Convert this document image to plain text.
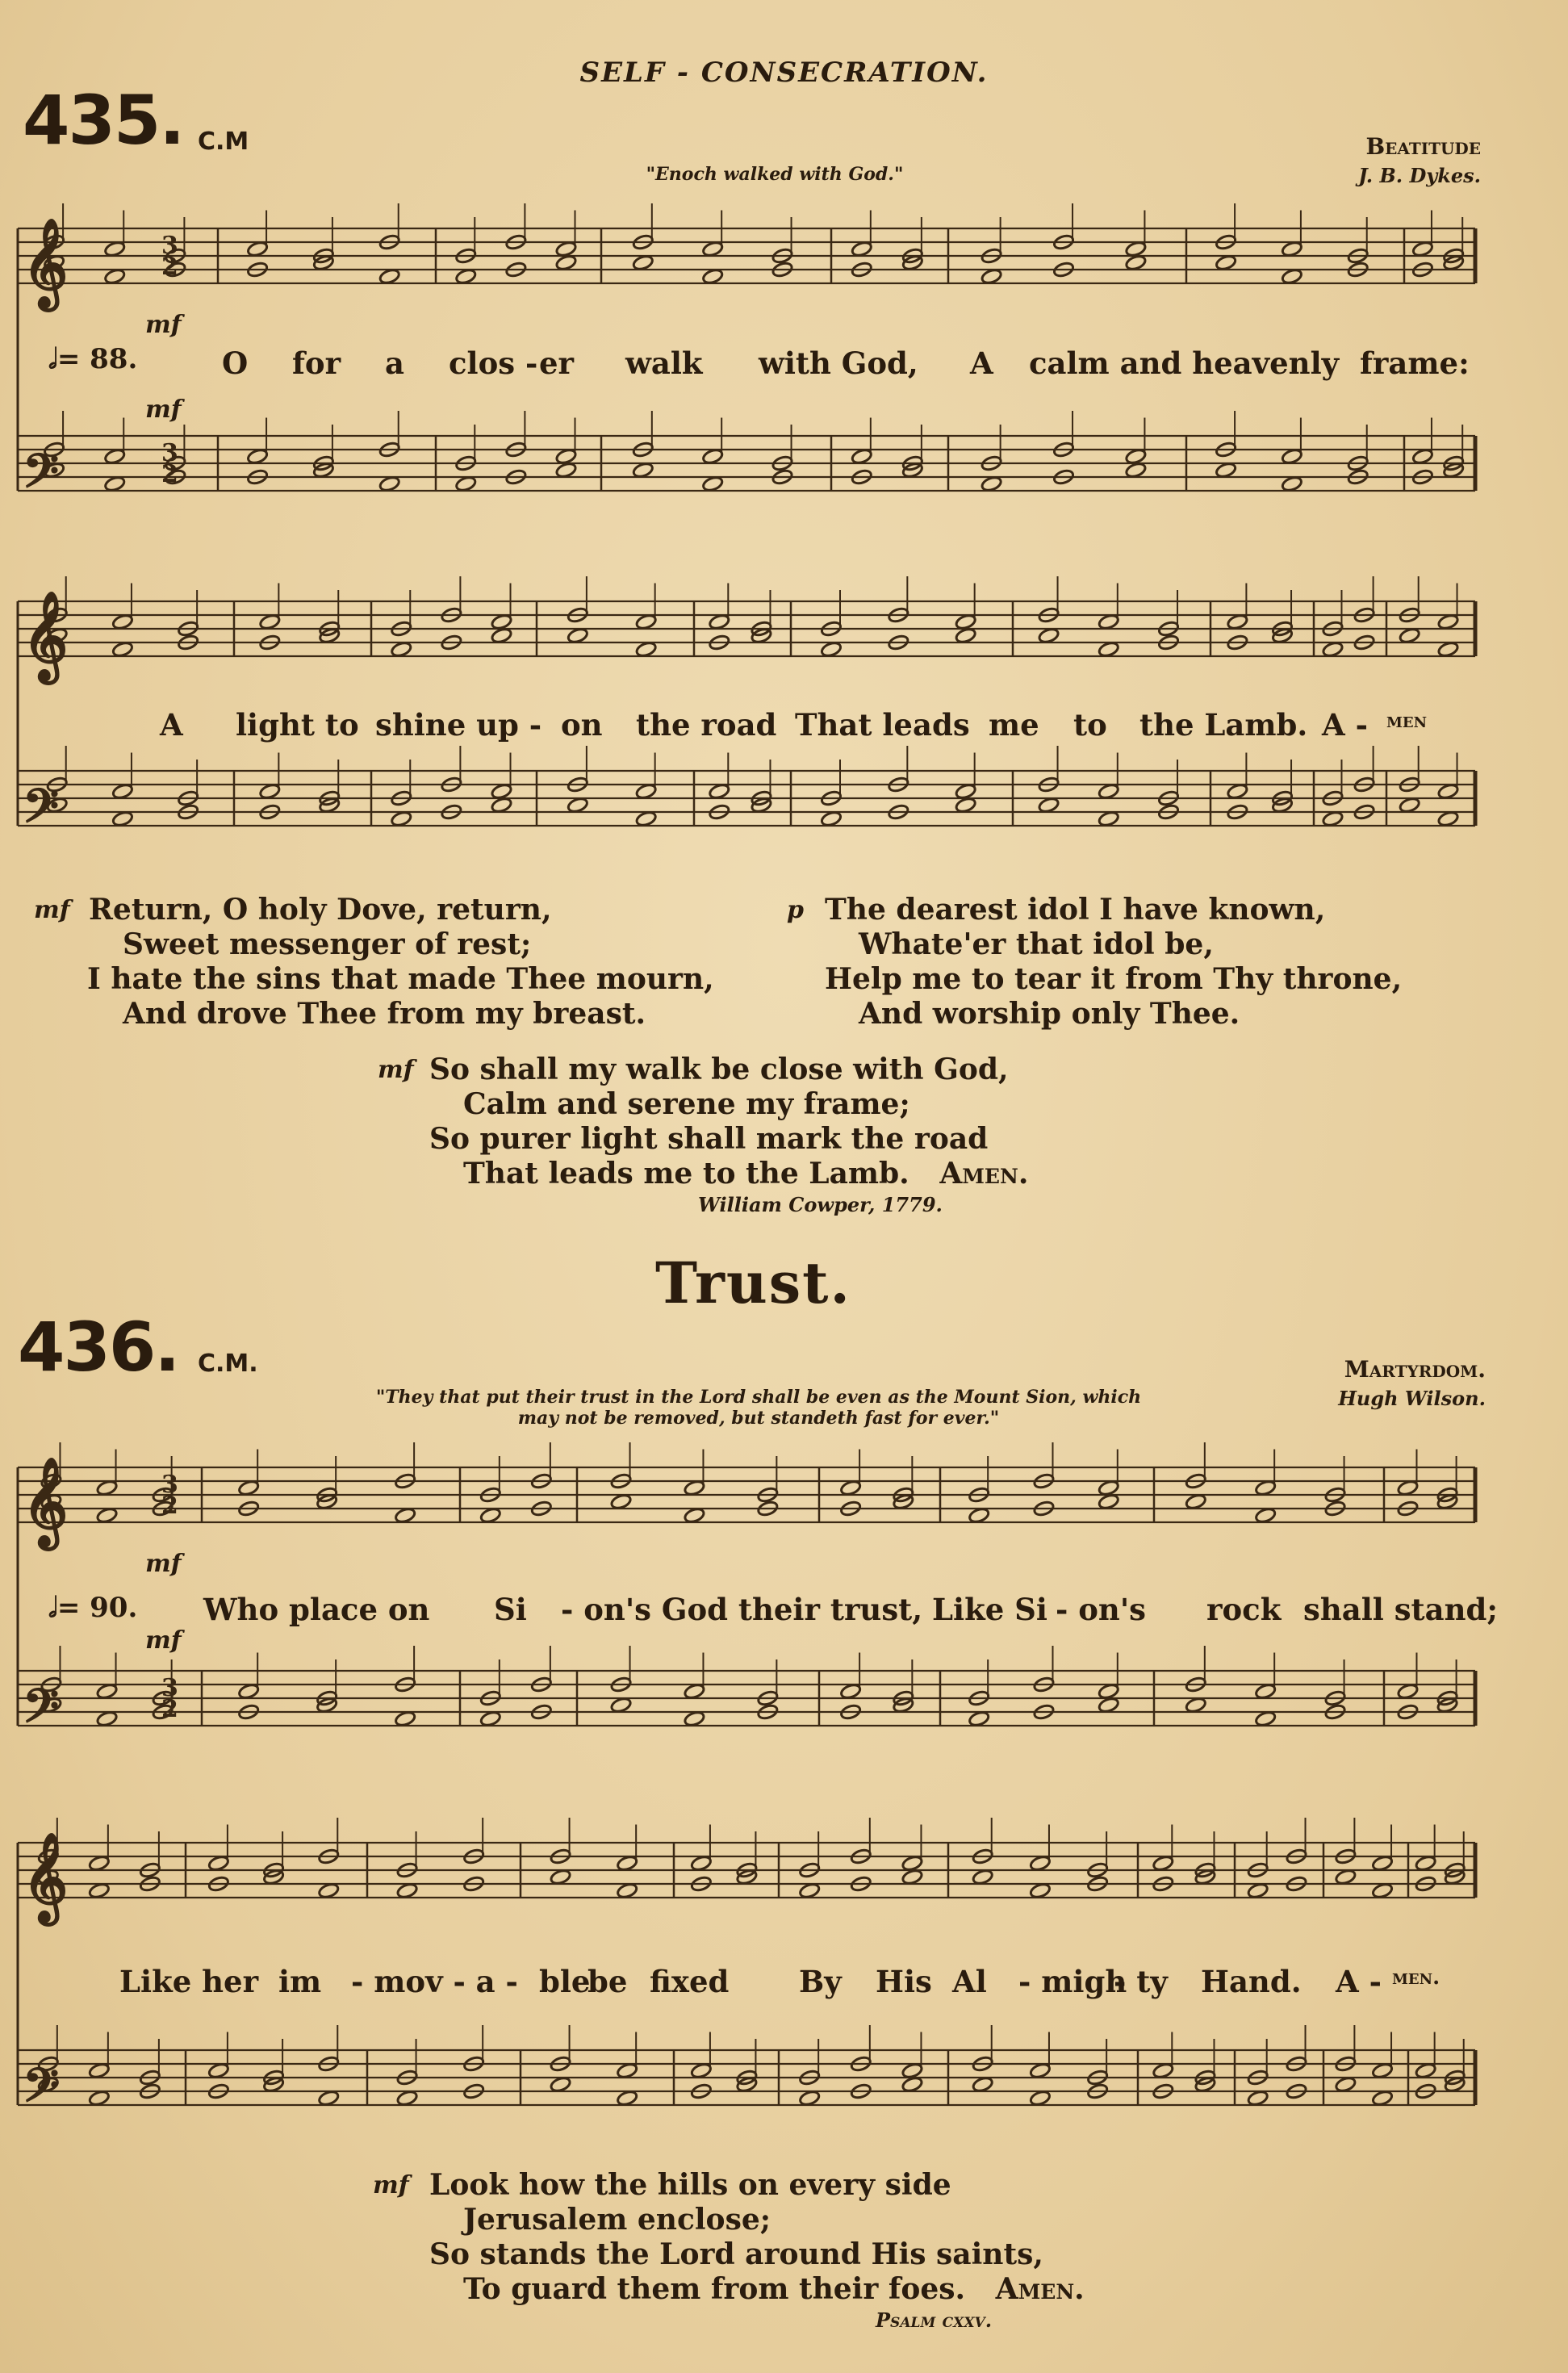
SELF - CONSECRATION.
435. C.M	Beatitude
J. B. Dykes.
"Enoch walked with God."
𝄞
𝄢
3
2
3
2
𝄞
𝄢
𝄞
𝄢
3
2
3
2
𝄞
𝄢
mf
𝅗𝅥= 88.
mf
O for a clos - er walk with God, A calm and heavenly frame:
A light to shine up - on the road That leads me to the Lamb. A - men
mf Return, O holy Dove, return,
Sweet messenger of rest;
I hate the sins that made Thee mourn,
And drove Thee from my breast.
p The dearest idol I have known,
Whate'er that idol be,
Help me to tear it from Thy throne,
And worship only Thee.
mf So shall my walk be close with God,
Calm and serene my frame;
So purer light shall mark the road
That leads me to the Lamb. Amen.
William Cowper, 1779.
Trust.
436. C.M.	Martyrdom.
Hugh Wilson.
"They that put their trust in the Lord shall be even as the Mount Sion, which
may not be removed, but standeth fast for ever."
mf
𝅗𝅥= 90.
mf
Who place on Si - on's God their trust, Like Si - on's rock shall stand;
Like her im - mov - a - ble
be fixed By His Al - migh
- ty Hand. A - men.
mf Look how the hills on every side
Jerusalem enclose;
So stands the Lord around His saints,
To guard them from their foes. Amen.
Psalm cxxv.
